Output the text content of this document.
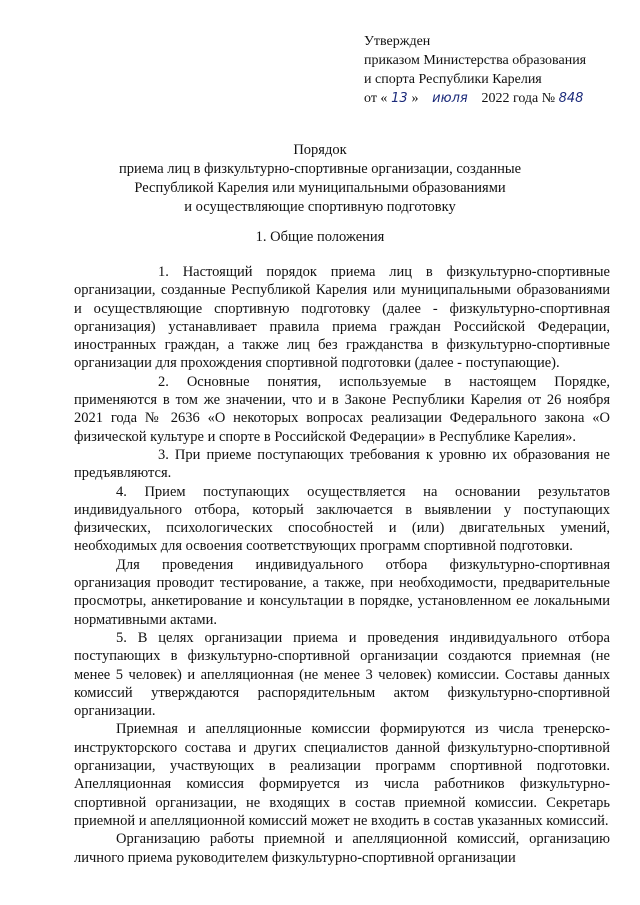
Утвержден
приказом Министерства образования
и спорта Республики Карелия
от « 13 » июля 2022 года № 848
Порядок
приема лиц в физкультурно-спортивные организации, созданные
Республикой Карелия или муниципальными образованиями
и осуществляющие спортивную подготовку
1. Общие положения

1. Настоящий порядок приема лиц в физкультурно-спортивные организации, созданные Республикой Карелия или муниципальными образованиями и осуществляющие спортивную подготовку (далее - физкультурно-спортивная организация) устанавливает правила приема граждан Российской Федерации, иностранных граждан, а также лиц без гражданства в физкультурно-спортивные организации для прохождения спортивной подготовки (далее - поступающие).

2. Основные понятия, используемые в настоящем Порядке, применяются в том же значении, что и в Законе Республики Карелия от 26 ноября 2021 года № 2636 «О некоторых вопросах реализации Федерального закона «О физической культуре и спорте в Российской Федерации» в Республике Карелия».

3. При приеме поступающих требования к уровню их образования не предъявляются.

4. Прием поступающих осуществляется на основании результатов индивидуального отбора, который заключается в выявлении у поступающих физических, психологических способностей и (или) двигательных умений, необходимых для освоения соответствующих программ спортивной подготовки.

Для проведения индивидуального отбора физкультурно-спортивная организация проводит тестирование, а также, при необходимости, предварительные просмотры, анкетирование и консультации в порядке, установленном ее локальными нормативными актами.

5. В целях организации приема и проведения индивидуального отбора поступающих в физкультурно-спортивной организации создаются приемная (не менее 5 человек) и апелляционная (не менее 3 человек) комиссии. Составы данных комиссий утверждаются распорядительным актом физкультурно-спортивной организации.

Приемная и апелляционные комиссии формируются из числа тренерско-инструкторского состава и других специалистов данной физкультурно-спортивной организации, участвующих в реализации программ спортивной подготовки. Апелляционная комиссия формируется из числа работников физкультурно-спортивной организации, не входящих в состав приемной комиссии. Секретарь приемной и апелляционной комиссий может не входить в состав указанных комиссий.

Организацию работы приемной и апелляционной комиссий, организацию личного приема руководителем физкультурно-спортивной организации
